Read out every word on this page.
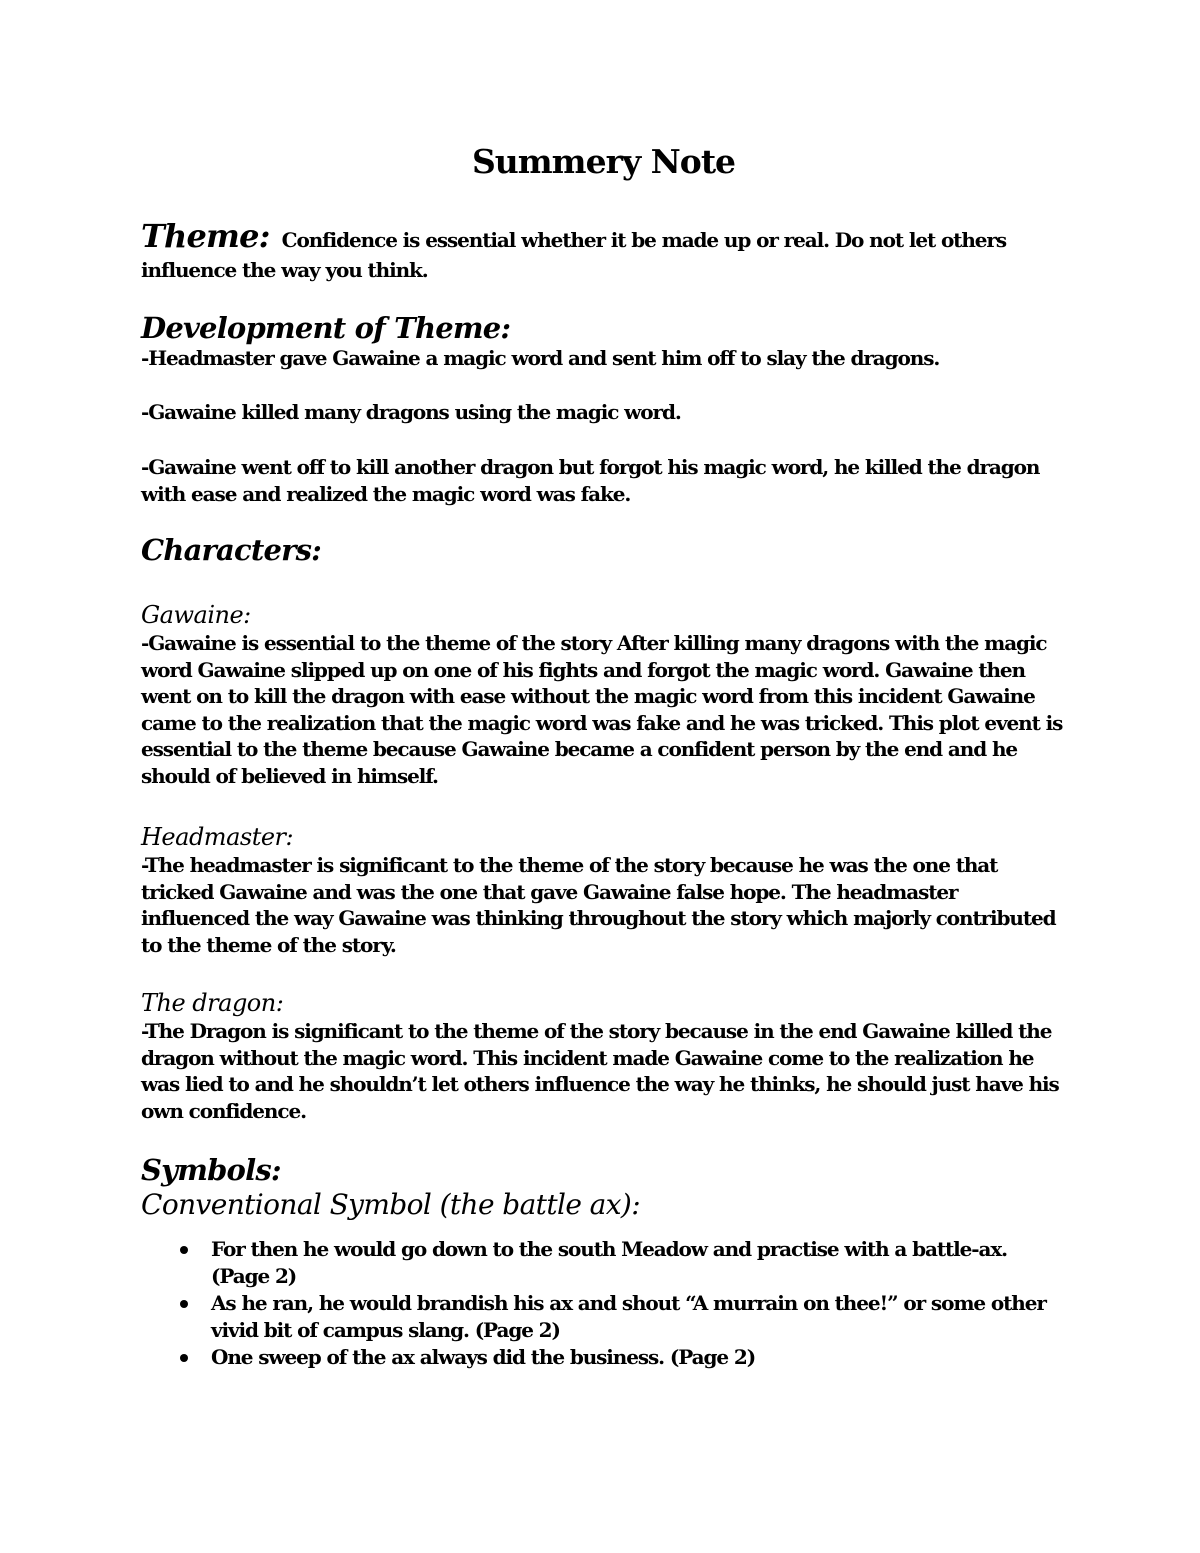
Summery Note

Theme: Confidence is essential whether it be made up or real. Do not let others influence the way you think.

Development of Theme:

-Headmaster gave Gawaine a magic word and sent him off to slay the dragons.

-Gawaine killed many dragons using the magic word.

-Gawaine went off to kill another dragon but forgot his magic word, he killed the dragon with ease and realized the magic word was fake.

Characters:
Gawaine:

-Gawaine is essential to the theme of the story After killing many dragons with the magic word Gawaine slipped up on one of his fights and forgot the magic word. Gawaine then went on to kill the dragon with ease without the magic word from this incident Gawaine came to the realization that the magic word was fake and he was tricked. This plot event is essential to the theme because Gawaine became a confident person by the end and he should of believed in himself.

Headmaster:

-The headmaster is significant to the theme of the story because he was the one that tricked Gawaine and was the one that gave Gawaine false hope. The headmaster influenced the way Gawaine was thinking throughout the story which majorly contributed to the theme of the story.

The dragon:

-The Dragon is significant to the theme of the story because in the end Gawaine killed the dragon without the magic word. This incident made Gawaine come to the realization he was lied to and he shouldn’t let others influence the way he thinks, he should just have his own confidence.

Symbols:
Conventional Symbol (the battle ax):
For then he would go down to the south Meadow and practise with a battle-ax. (Page 2)
As he ran, he would brandish his ax and shout “A murrain on thee!” or some other vivid bit of campus slang. (Page 2)
One sweep of the ax always did the business. (Page 2)
